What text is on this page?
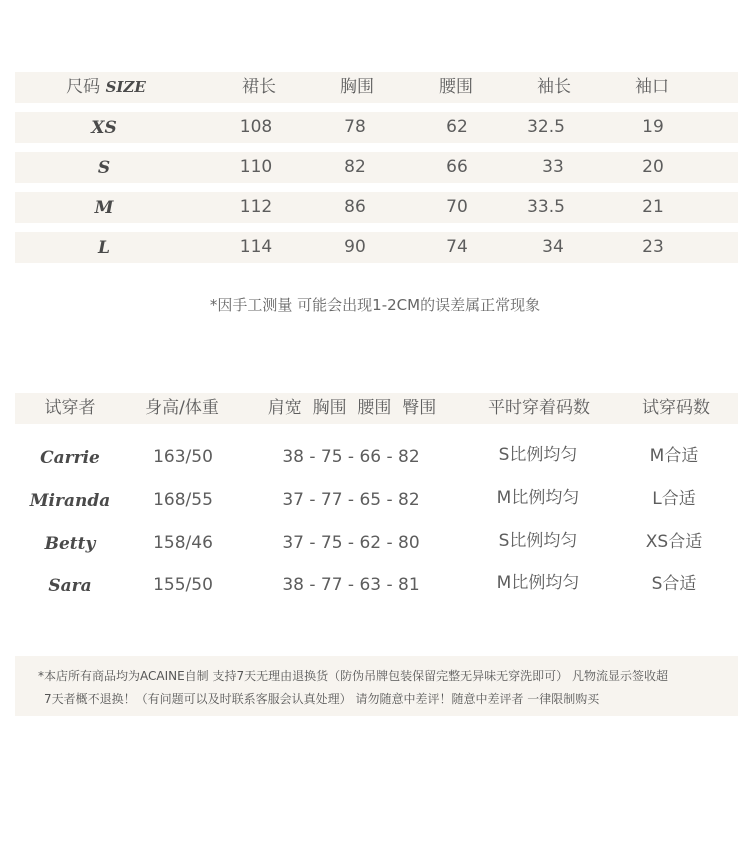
尺码 SIZE	裙长	胸围	腰围	袖长	袖口
XS	108	78	62	32.5	19
S	110	82	66	33	20
M	112	86	70	33.5	21
L	114	90	74	34	23
*因手工测量 可能会出现1-2CM的误差属正常现象
试穿者	身高/体重	肩宽  胸围  腰围  臀围	平时穿着码数	试穿码数
Carrie	163/50	38 - 75 - 66 - 82	S比例均匀	M合适
Miranda	168/55	37 - 77 - 65 - 82	M比例均匀	L合适
Betty	158/46	37 - 75 - 62 - 80	S比例均匀	XS合适
Sara	155/50	38 - 77 - 63 - 81	M比例均匀	S合适
*本店所有商品均为ACAINE自制 支持7天无理由退换货（防伪吊牌包装保留完整无异味无穿洗即可） 凡物流显示签收超
7天者概不退换！（有问题可以及时联系客服会认真处理） 请勿随意中差评！随意中差评者 一律限制购买
